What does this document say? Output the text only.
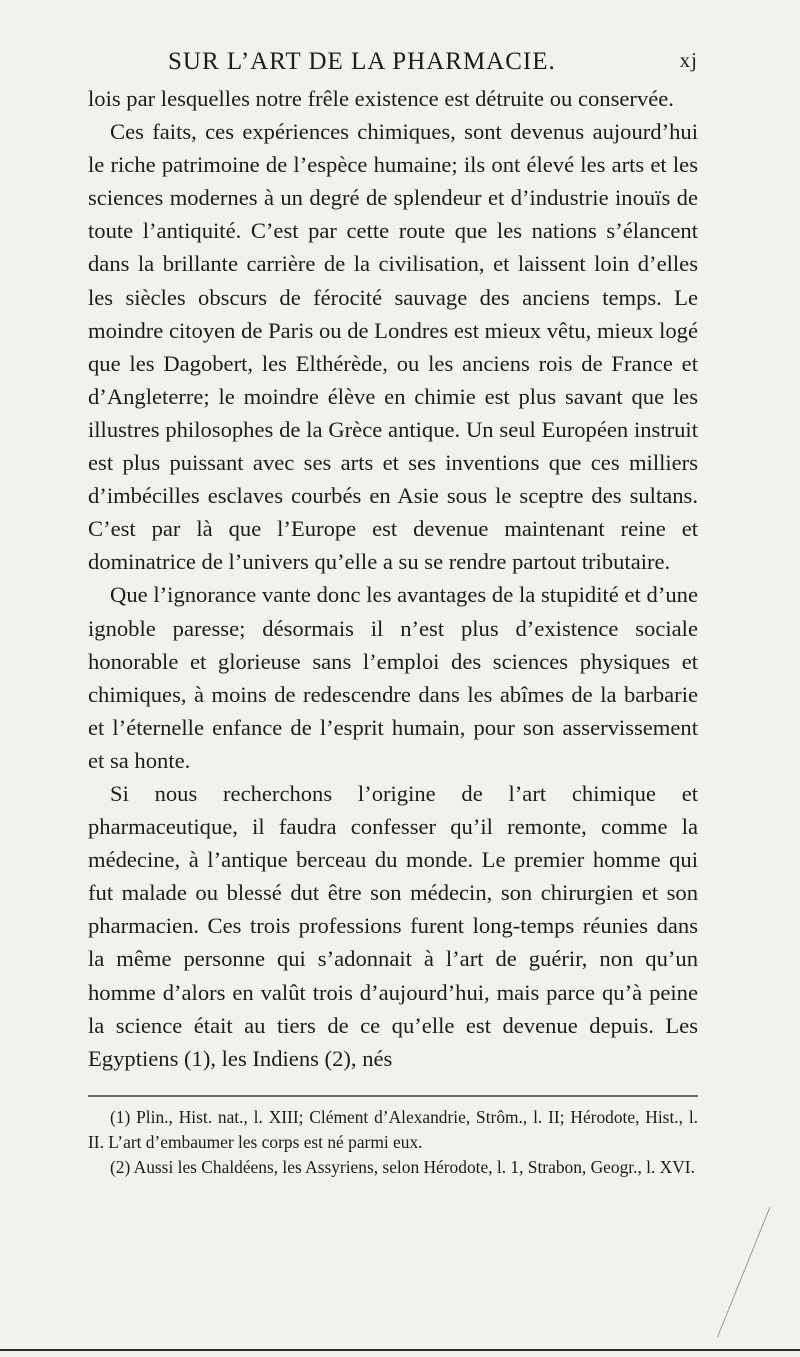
SUR L’ART DE LA PHARMACIE.	xj

lois par lesquelles notre frêle existence est détruite ou conservée.

Ces faits, ces expériences chimiques, sont devenus aujourd’hui le riche patrimoine de l’espèce humaine; ils ont élevé les arts et les sciences modernes à un degré de splendeur et d’industrie inouïs de toute l’antiquité. C’est par cette route que les nations s’élancent dans la brillante carrière de la civilisation, et laissent loin d’elles les siècles obscurs de férocité sauvage des anciens temps. Le moindre citoyen de Paris ou de Londres est mieux vêtu, mieux logé que les Dagobert, les Elthérède, ou les anciens rois de France et d’Angleterre; le moindre élève en chimie est plus savant que les illustres philosophes de la Grèce antique. Un seul Européen instruit est plus puissant avec ses arts et ses inventions que ces milliers d’imbécilles esclaves courbés en Asie sous le sceptre des sultans. C’est par là que l’Europe est devenue maintenant reine et dominatrice de l’univers qu’elle a su se rendre partout tributaire.

Que l’ignorance vante donc les avantages de la stupidité et d’une ignoble paresse; désormais il n’est plus d’existence sociale honorable et glorieuse sans l’emploi des sciences physiques et chimiques, à moins de redescendre dans les abîmes de la barbarie et l’éternelle enfance de l’esprit humain, pour son asservissement et sa honte.

Si nous recherchons l’origine de l’art chimique et pharmaceutique, il faudra confesser qu’il remonte, comme la médecine, à l’antique berceau du monde. Le premier homme qui fut malade ou blessé dut être son médecin, son chirurgien et son pharmacien. Ces trois professions furent long-temps réunies dans la même personne qui s’adonnait à l’art de guérir, non qu’un homme d’alors en valût trois d’aujourd’hui, mais parce qu’à peine la science était au tiers de ce qu’elle est devenue depuis. Les Egyptiens (1), les Indiens (2), nés

(1) Plin., Hist. nat., l. XIII; Clément d’Alexandrie, Strôm., l. II; Hérodote, Hist., l. II. L’art d’embaumer les corps est né parmi eux.

(2) Aussi les Chaldéens, les Assyriens, selon Hérodote, l. 1, Strabon, Geogr., l. XVI.
